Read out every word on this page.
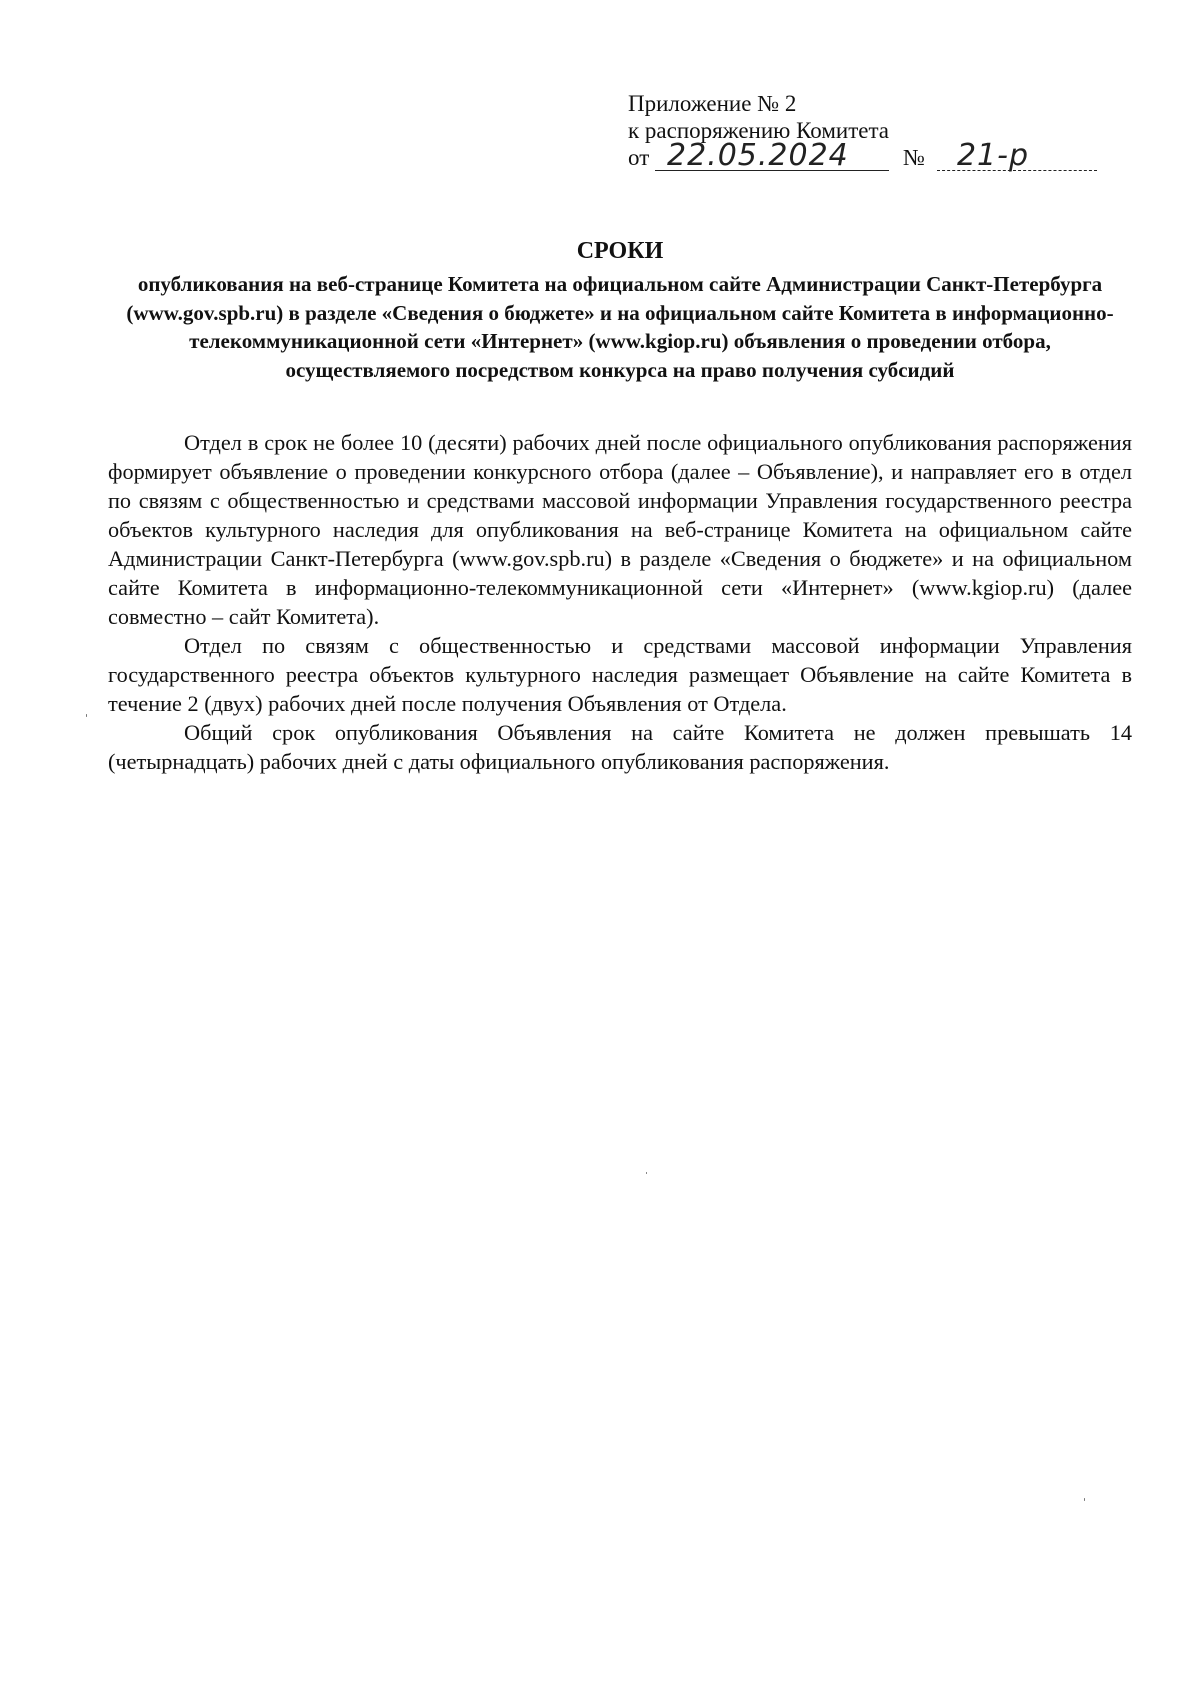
Приложение № 2
к распоряжению Комитета
от 22.05.2024 № 21-р
СРОКИ
опубликования на веб-странице Комитета на официальном сайте Администрации Санкт-Петербурга (www.gov.spb.ru) в разделе «Сведения о бюджете» и на официальном сайте Комитета в информационно-телекоммуникационной сети «Интернет» (www.kgiop.ru) объявления о проведении отбора, осуществляемого посредством конкурса на право получения субсидий

Отдел в срок не более 10 (десяти) рабочих дней после официального опубликования распоряжения формирует объявление о проведении конкурсного отбора (далее – Объявление), и направляет его в отдел по связям с общественностью и средствами массовой информации Управления государственного реестра объектов культурного наследия для опубликования на веб-странице Комитета на официальном сайте Администрации Санкт-Петербурга (www.gov.spb.ru) в разделе «Сведения о бюджете» и на официальном сайте Комитета в информационно-телекоммуникационной сети «Интернет» (www.kgiop.ru) (далее совместно – сайт Комитета).

Отдел по связям с общественностью и средствами массовой информации Управления государственного реестра объектов культурного наследия размещает Объявление на сайте Комитета в течение 2 (двух) рабочих дней после получения Объявления от Отдела.

Общий срок опубликования Объявления на сайте Комитета не должен превышать 14 (четырнадцать) рабочих дней с даты официального опубликования распоряжения.
